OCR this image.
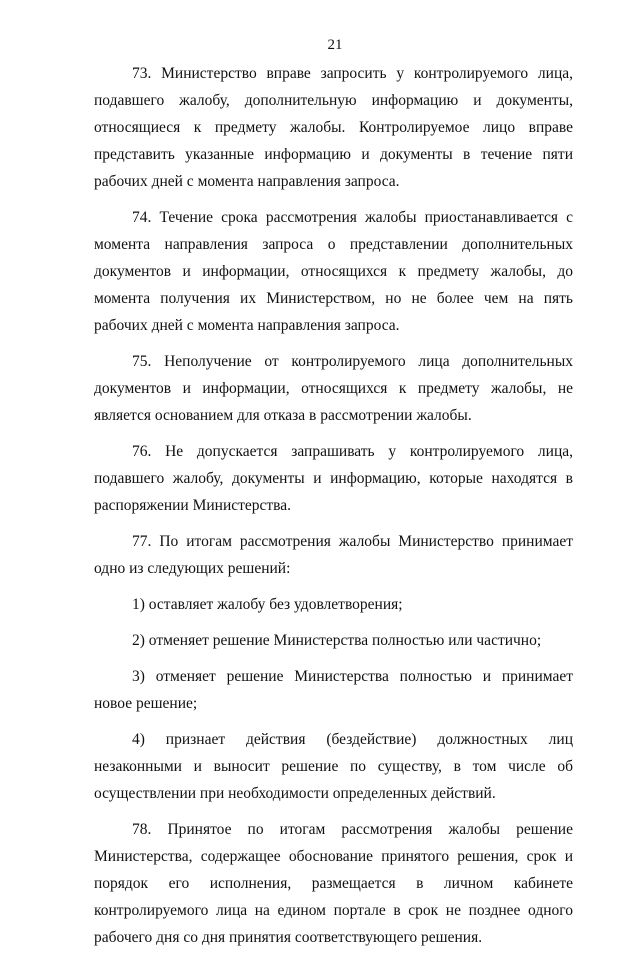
21

73. Министерство вправе запросить у контролируемого лица, подавшего жалобу, дополнительную информацию и документы, относящиеся к предмету жалобы. Контролируемое лицо вправе представить указанные информацию и документы в течение пяти рабочих дней с момента направления запроса.

74. Течение срока рассмотрения жалобы приостанавливается с момента направления запроса о представлении дополнительных документов и информации, относящихся к предмету жалобы, до момента получения их Министерством, но не более чем на пять рабочих дней с момента направления запроса.

75. Неполучение от контролируемого лица дополнительных документов и информации, относящихся к предмету жалобы, не является основанием для отказа в рассмотрении жалобы.

76. Не допускается запрашивать у контролируемого лица, подавшего жалобу, документы и информацию, которые находятся в распоряжении Министерства.

77. По итогам рассмотрения жалобы Министерство принимает одно из следующих решений:

1) оставляет жалобу без удовлетворения;

2) отменяет решение Министерства полностью или частично;

3) отменяет решение Министерства полностью и принимает новое решение;

4) признает действия (бездействие) должностных лиц незаконными и выносит решение по существу, в том числе об осуществлении при необходимости определенных действий.

78. Принятое по итогам рассмотрения жалобы решение Министерства, содержащее обоснование принятого решения, срок и порядок его исполнения, размещается в личном кабинете контролируемого лица на едином портале в срок не позднее одного рабочего дня со дня принятия соответствующего решения.
